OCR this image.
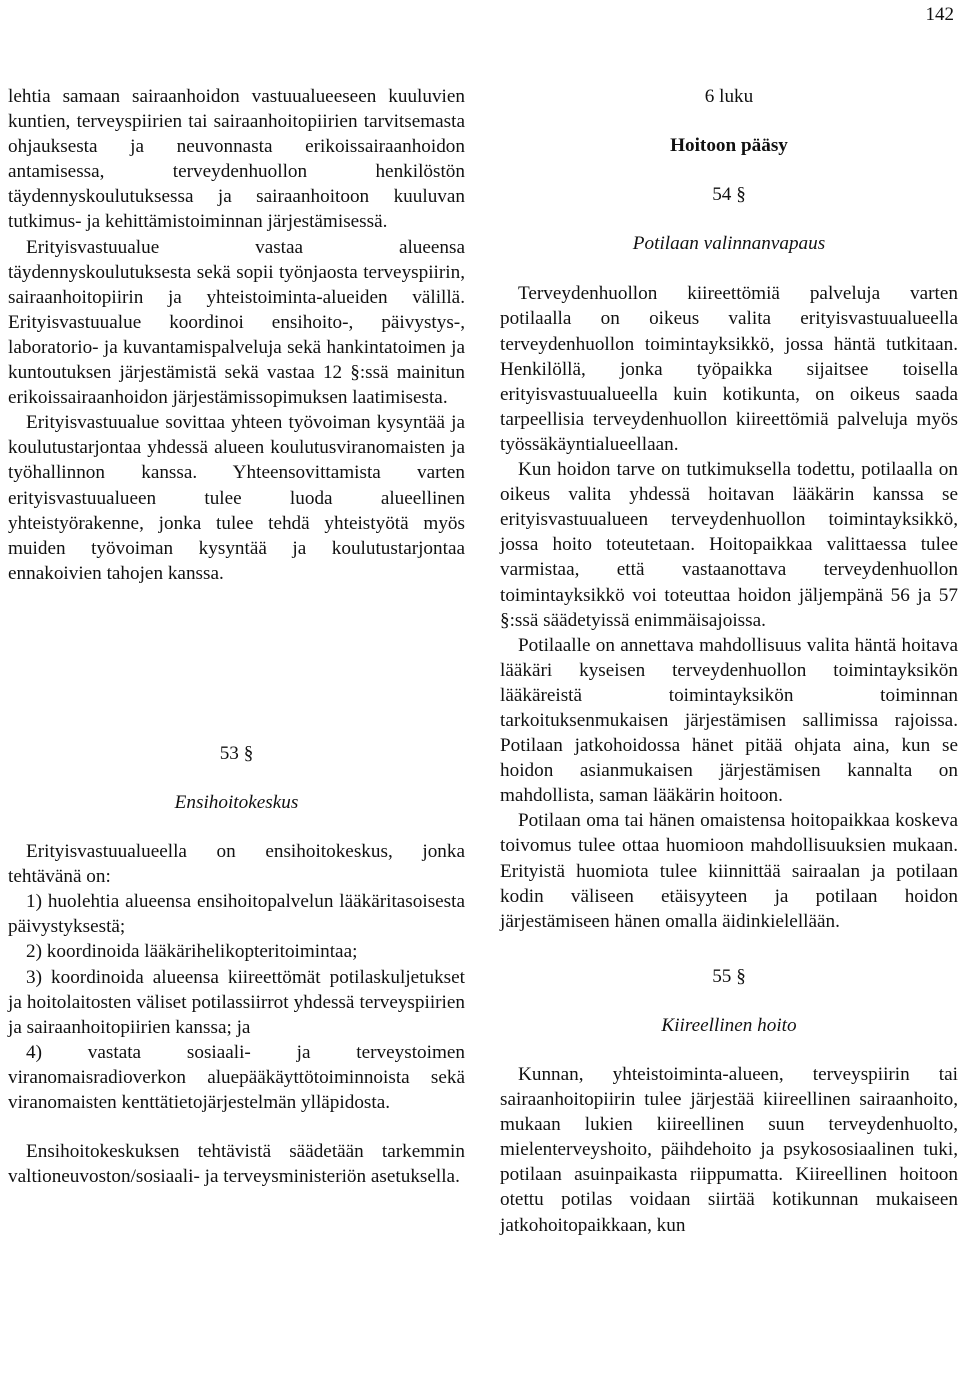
142

lehtia samaan sairaanhoidon vastuualueeseen kuuluvien kuntien, terveyspiirien tai sairaanhoitopiirien tarvitsemasta ohjauksesta ja neuvonnasta erikoissairaanhoidon antamisessa, terveydenhuollon henkilöstön täydennyskoulutuksessa ja sairaanhoitoon kuuluvan tutkimus- ja kehittämistoiminnan järjestämisessä.

Erityisvastuualue vastaa alueensa täydennyskoulutuksesta sekä sopii työnjaosta terveyspiirin, sairaanhoitopiirin ja yhteistoiminta-alueiden välillä. Erityisvastuualue koordinoi ensihoito-, päivystys-, laboratorio- ja kuvantamispalveluja sekä hankintatoimen ja kuntoutuksen järjestämistä sekä vastaa 12 §:ssä mainitun erikoissairaanhoidon järjestämissopimuksen laatimisesta.

Erityisvastuualue sovittaa yhteen työvoiman kysyntää ja koulutustarjontaa yhdessä alueen koulutusviranomaisten ja työhallinnon kanssa. Yhteensovittamista varten erityisvastuualueen tulee luoda alueellinen yhteistyörakenne, jonka tulee tehdä yhteistyötä myös muiden työvoiman kysyntää ja koulutustarjontaa ennakoivien tahojen kanssa.

53 §

Ensihoitokeskus

Erityisvastuualueella on ensihoitokeskus, jonka tehtävänä on:

1) huolehtia alueensa ensihoitopalvelun lääkäritasoisesta päivystyksestä;

2) koordinoida lääkärihelikopteritoimintaa;

3) koordinoida alueensa kiireettömät potilaskuljetukset ja hoitolaitosten väliset potilassiirrot yhdessä terveyspiirien ja sairaanhoitopiirien kanssa; ja

4) vastata sosiaali- ja terveystoimen viranomaisradioverkon aluepääkäyttötoiminnoista sekä viranomaisten kenttätietojärjestelmän ylläpidosta.

Ensihoitokeskuksen tehtävistä säädetään tarkemmin valtioneuvoston/sosiaali- ja terveysministeriön asetuksella.

6 luku

Hoitoon pääsy

54 §

Potilaan valinnanvapaus

Terveydenhuollon kiireettömiä palveluja varten potilaalla on oikeus valita erityisvastuualueella terveydenhuollon toimintayksikkö, jossa häntä tutkitaan. Henkilöllä, jonka työpaikka sijaitsee toisella erityisvastuualueella kuin kotikunta, on oikeus saada tarpeellisia terveydenhuollon kiireettömiä palveluja myös työssäkäyntialueellaan.

Kun hoidon tarve on tutkimuksella todettu, potilaalla on oikeus valita yhdessä hoitavan lääkärin kanssa se erityisvastuualueen terveydenhuollon toimintayksikkö, jossa hoito toteutetaan. Hoitopaikkaa valittaessa tulee varmistaa, että vastaanottava terveydenhuollon toimintayksikkö voi toteuttaa hoidon jäljempänä 56 ja 57 §:ssä säädetyissä enimmäisajoissa.

Potilaalle on annettava mahdollisuus valita häntä hoitava lääkäri kyseisen terveydenhuollon toimintayksikön lääkäreistä toimintayksikön toiminnan tarkoituksenmukaisen järjestämisen sallimissa rajoissa. Potilaan jatkohoidossa hänet pitää ohjata aina, kun se hoidon asianmukaisen järjestämisen kannalta on mahdollista, saman lääkärin hoitoon.

Potilaan oma tai hänen omaistensa hoitopaikkaa koskeva toivomus tulee ottaa huomioon mahdollisuuksien mukaan. Erityistä huomiota tulee kiinnittää sairaalan ja potilaan kodin väliseen etäisyyteen ja potilaan hoidon järjestämiseen hänen omalla äidinkielellään.

55 §

Kiireellinen hoito

Kunnan, yhteistoiminta-alueen, terveyspiirin tai sairaanhoitopiirin tulee järjestää kiireellinen sairaanhoito, mukaan lukien kiireellinen suun terveydenhuolto, mielenterveyshoito, päihdehoito ja psykososiaalinen tuki, potilaan asuinpaikasta riippumatta. Kiireellinen hoitoon otettu potilas voidaan siirtää kotikunnan mukaiseen jatkohoitopaikkaan, kun
